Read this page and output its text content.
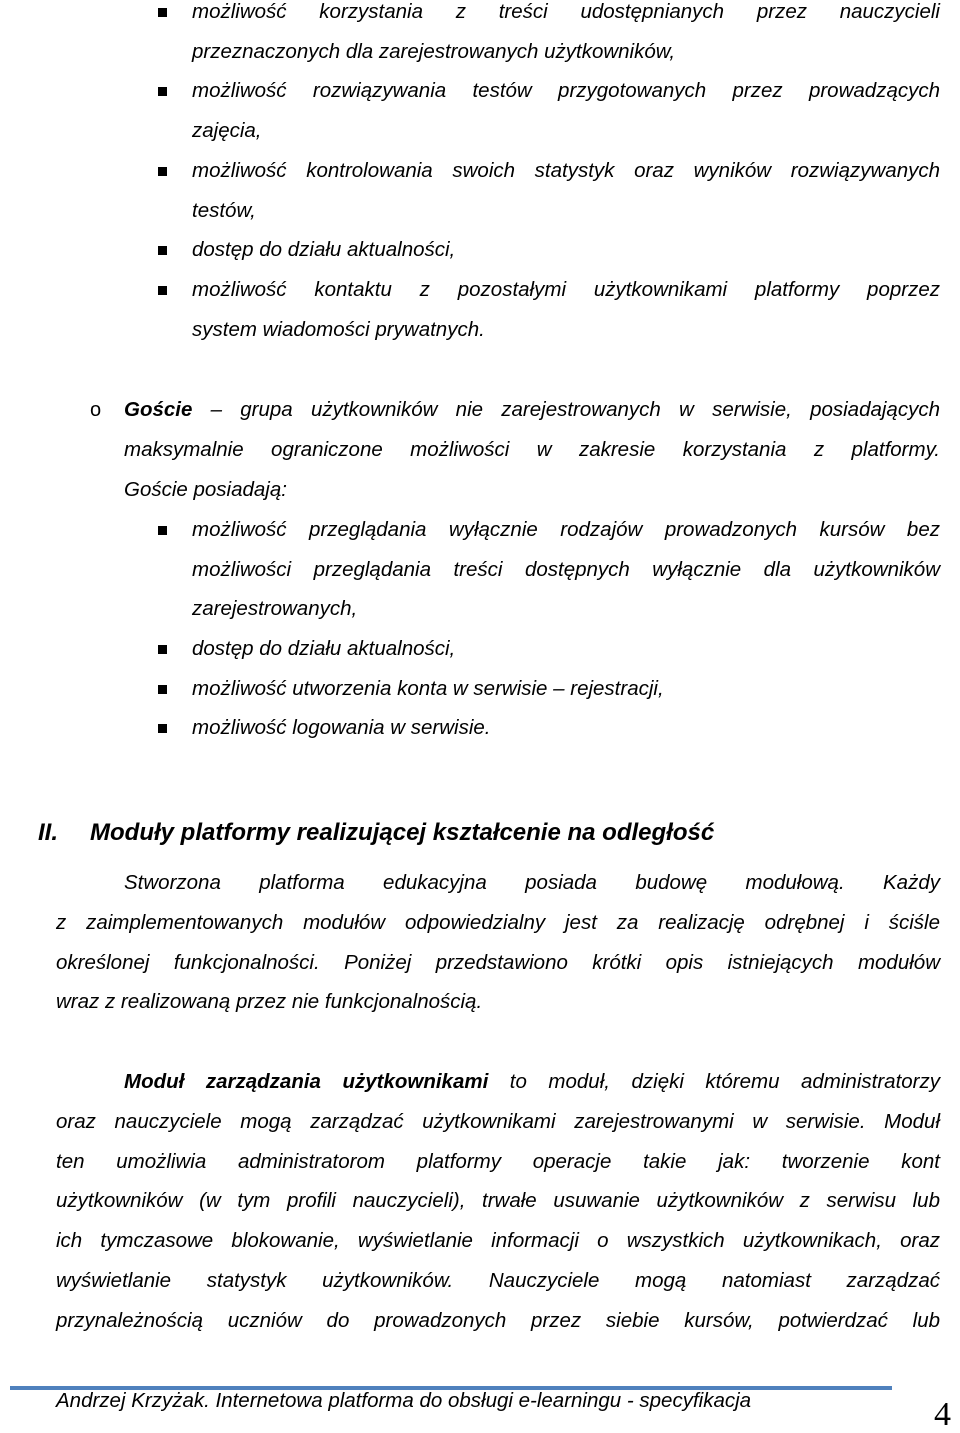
możliwość korzystania z treści udostępnianych przez nauczycieli
przeznaczonych dla zarejestrowanych użytkowników,
możliwość rozwiązywania testów przygotowanych przez prowadzących
zajęcia,
możliwość kontrolowania swoich statystyk oraz wyników rozwiązywanych
testów,
dostęp do działu aktualności,
możliwość kontaktu z pozostałymi użytkownikami platformy poprzez
system wiadomości prywatnych.
o Goście – grupa użytkowników nie zarejestrowanych w serwisie, posiadających
maksymalnie ograniczone możliwości w zakresie korzystania z platformy.
Goście posiadają:
możliwość przeglądania wyłącznie rodzajów prowadzonych kursów bez
możliwości przeglądania treści dostępnych wyłącznie dla użytkowników
zarejestrowanych,
dostęp do działu aktualności,
możliwość utworzenia konta w serwisie – rejestracji,
możliwość logowania w serwisie.
II. Moduły platformy realizującej kształcenie na odległość
Stworzona platforma edukacyjna posiada budowę modułową. Każdy
z zaimplementowanych modułów odpowiedzialny jest za realizację odrębnej i ściśle
określonej funkcjonalności. Poniżej przedstawiono krótki opis istniejących modułów
wraz z realizowaną przez nie funkcjonalnością.
Moduł zarządzania użytkownikami to moduł, dzięki któremu administratorzy
oraz nauczyciele mogą zarządzać użytkownikami zarejestrowanymi w serwisie. Moduł
ten umożliwia administratorom platformy operacje takie jak: tworzenie kont
użytkowników (w tym profili nauczycieli), trwałe usuwanie użytkowników z serwisu lub
ich tymczasowe blokowanie, wyświetlanie informacji o wszystkich użytkownikach, oraz
wyświetlanie statystyk użytkowników. Nauczyciele mogą natomiast zarządzać
przynależnością uczniów do prowadzonych przez siebie kursów, potwierdzać lub
Andrzej Krzyżak. Internetowa platforma do obsługi e-learningu - specyfikacja	4
